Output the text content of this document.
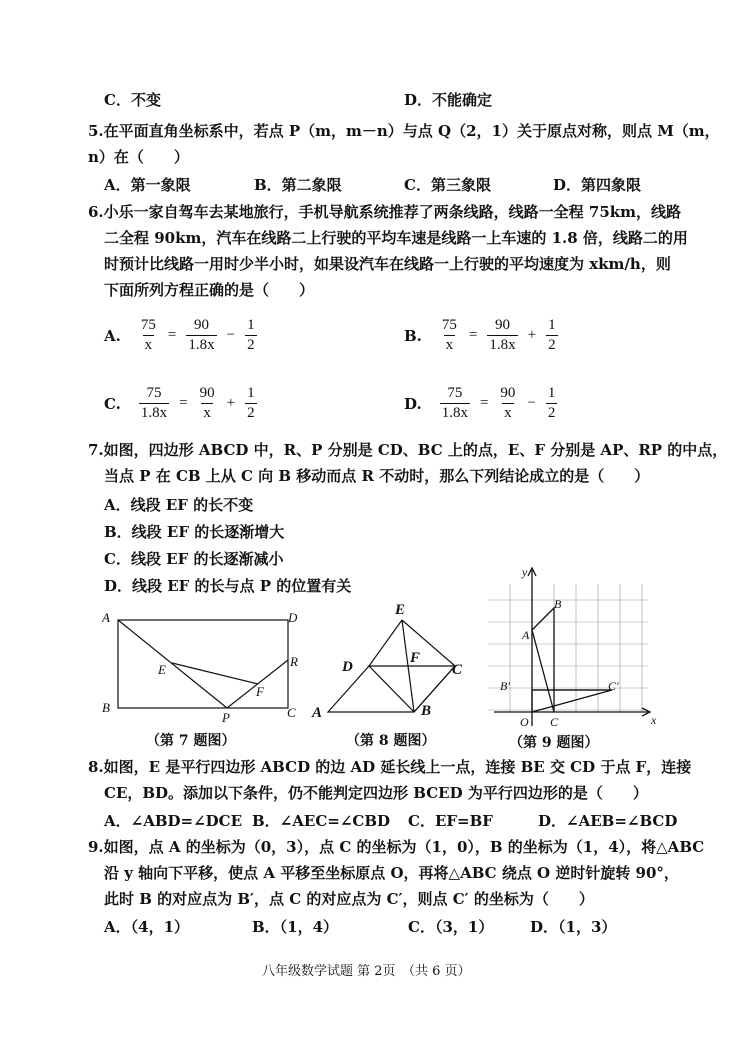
C．不变	D．不能确定
5.在平面直角坐标系中，若点 P（m，m－n）与点 Q（2，1）关于原点对称，则点 M（m，
n）在（　　）
A．第一象限	B．第二象限	C．第三象限	D．第四象限
6.小乐一家自驾车去某地旅行，手机导航系统推荐了两条线路，线路一全程 75km，线路
二全程 90km，汽车在线路二上行驶的平均车速是线路一上车速的 1.8 倍，线路二的用
时预计比线路一用时少半小时，如果设汽车在线路一上行驶的平均速度为 xkm/h，则
下面所列方程正确的是（　　）
A. $\frac{75}{x} = \frac{90}{1.8x} - \frac{1}{2}$	B. $\frac{75}{x} = \frac{90}{1.8x} + \frac{1}{2}$
C. $\frac{75}{1.8x} = \frac{90}{x} + \frac{1}{2}$	D. $\frac{75}{1.8x} = \frac{90}{x} - \frac{1}{2}$
7.如图，四边形 ABCD 中，R、P 分别是 CD、BC 上的点，E、F 分别是 AP、RP 的中点，
当点 P 在 CB 上从 C 向 B 移动而点 R 不动时，那么下列结论成立的是（　　）
A．线段 EF 的长不变
B．线段 EF 的长逐渐增大
C．线段 EF 的长逐渐减小
D．线段 EF 的长与点 P 的位置有关
A	D
B	C
E
F
R
P
（第 7 题图）
E
D	C
F
A	B
（第 8 题图）
y
x
O
A
B
C
B′	C′
（第 9 题图）
8.如图，E 是平行四边形 ABCD 的边 AD 延长线上一点，连接 BE 交 CD 于点 F，连接
CE，BD。添加以下条件，仍不能判定四边形 BCED 为平行四边形的是（　　）
A．∠ABD=∠DCE B．∠AEC=∠CBD C．EF=BF	D．∠AEB=∠BCD
9.如图，点 A 的坐标为（0，3），点 C 的坐标为（1，0），B 的坐标为（1，4），将△ABC
沿 y 轴向下平移，使点 A 平移至坐标原点 O，再将△ABC 绕点 O 逆时针旋转 90°，
此时 B 的对应点为 B′，点 C 的对应点为 C′，则点 C′ 的坐标为（　　）
A．（4，1）	B．（1，4）	C．（3，1） D．（1，3）
八年级数学试题 第 2页　（共 6 页）
